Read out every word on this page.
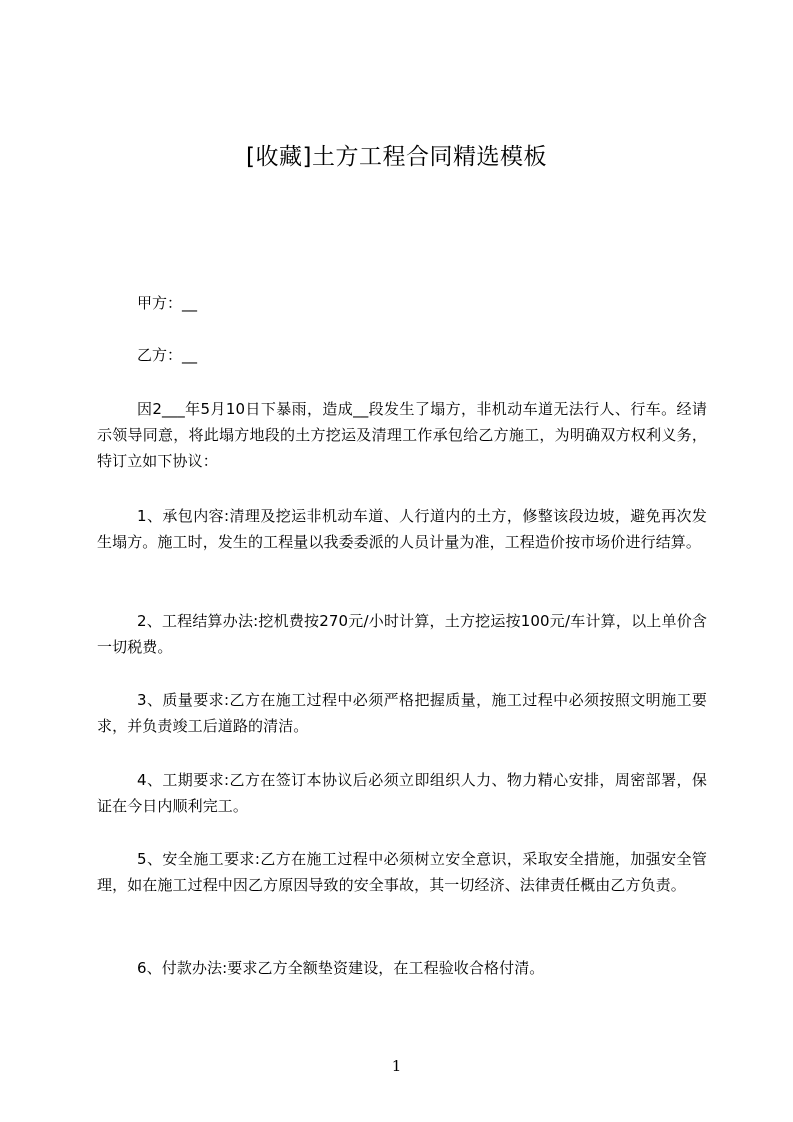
[收藏]土方工程合同精选模板
甲方：__
乙方：__

因2___年5月10日下暴雨，造成__段发生了塌方，非机动车道无法行人、行车。经请示领导同意，将此塌方地段的土方挖运及清理工作承包给乙方施工，为明确双方权利义务，特订立如下协议：

1、承包内容:清理及挖运非机动车道、人行道内的土方，修整该段边坡，避免再次发生塌方。施工时，发生的工程量以我委委派的人员计量为准，工程造价按市场价进行结算。

2、工程结算办法:挖机费按270元/小时计算，土方挖运按100元/车计算，以上单价含一切税费。

3、质量要求:乙方在施工过程中必须严格把握质量，施工过程中必须按照文明施工要求，并负责竣工后道路的清洁。

4、工期要求:乙方在签订本协议后必须立即组织人力、物力精心安排，周密部署，保证在今日内顺利完工。

5、安全施工要求:乙方在施工过程中必须树立安全意识，采取安全措施，加强安全管理，如在施工过程中因乙方原因导致的安全事故，其一切经济、法律责任概由乙方负责。

6、付款办法:要求乙方全额垫资建设，在工程验收合格付清。

1
